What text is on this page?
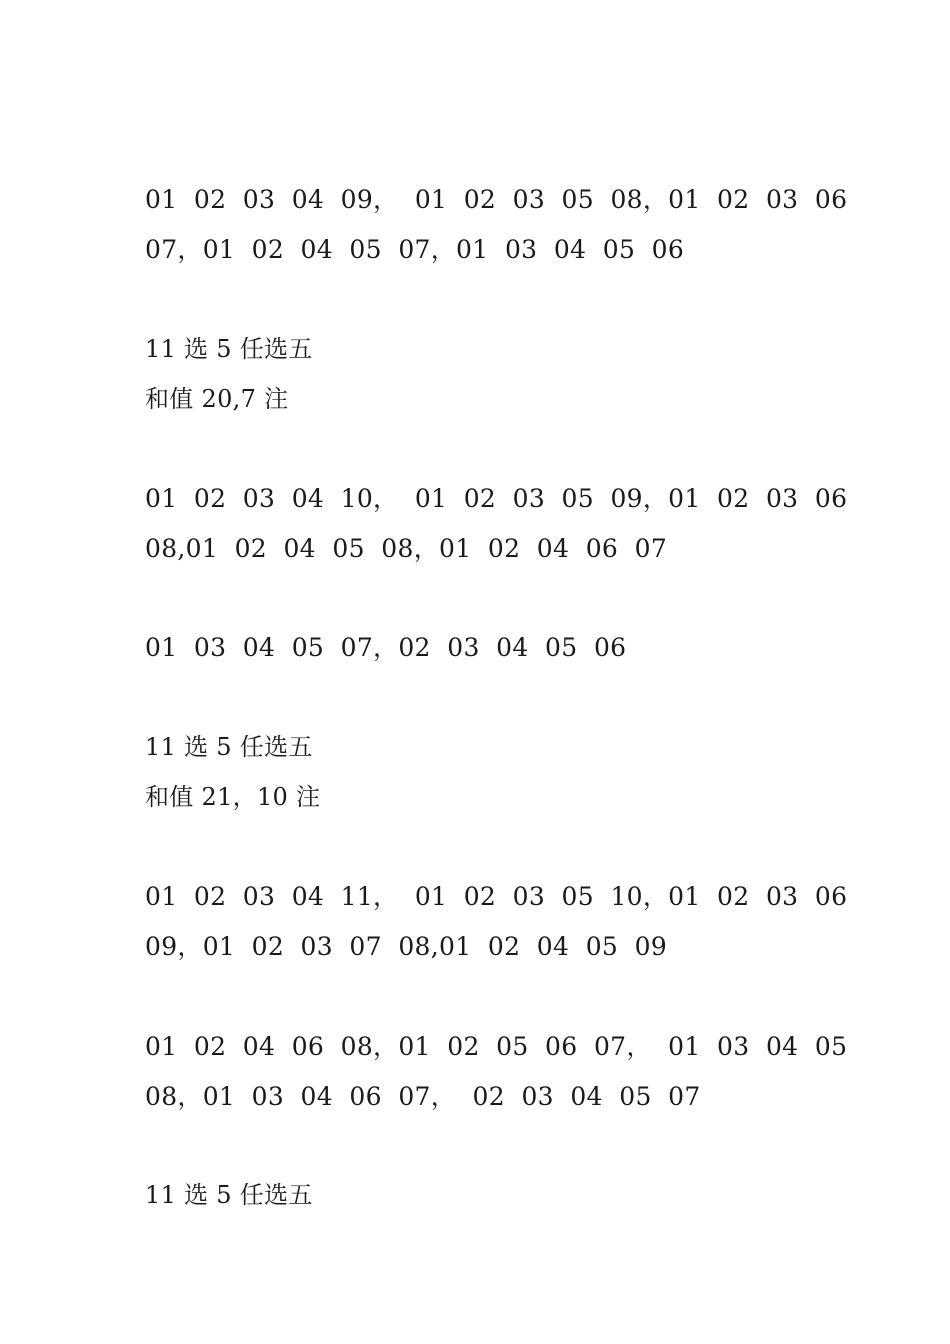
01  02  03  04  09，  01  02  03  05  08，01  02  03  06
07，01  02  04  05  07，01  03  04  05  06
11 选 5 任选五
和值 20,7 注
01  02  03  04  10，  01  02  03  05  09，01  02  03  06
08,01  02  04  05  08，01  02  04  06  07
01  03  04  05  07，02  03  04  05  06
11 选 5 任选五
和值 21，10 注
01  02  03  04  11，  01  02  03  05  10，01  02  03  06
09，01  02  03  07  08,01  02  04  05  09
01  02  04  06  08，01  02  05  06  07，  01  03  04  05
08，01  03  04  06  07，  02  03  04  05  07
11 选 5 任选五
